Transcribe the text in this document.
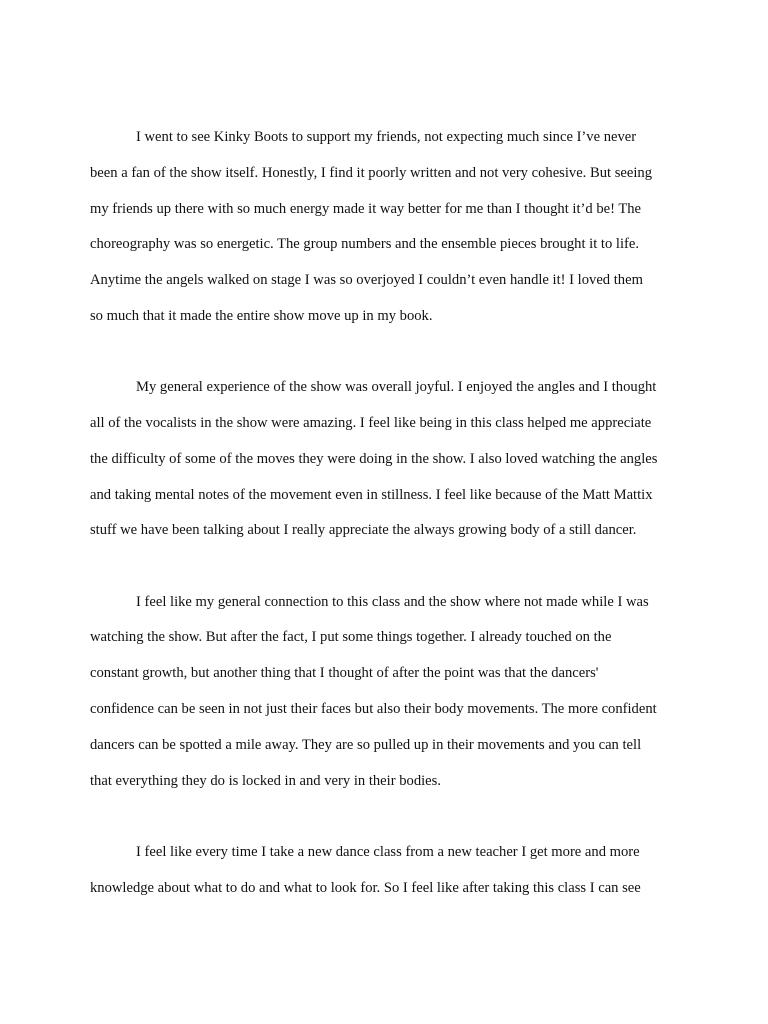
I went to see Kinky Boots to support my friends, not expecting much since I’ve never

been a fan of the show itself. Honestly, I find it poorly written and not very cohesive. But seeing

my friends up there with so much energy made it way better for me than I thought it’d be! The

choreography was so energetic. The group numbers and the ensemble pieces brought it to life.

Anytime the angels walked on stage I was so overjoyed I couldn’t even handle it! I loved them

so much that it made the entire show move up in my book.

My general experience of the show was overall joyful. I enjoyed the angles and I thought

all of the vocalists in the show were amazing. I feel like being in this class helped me appreciate

the difficulty of some of the moves they were doing in the show. I also loved watching the angles

and taking mental notes of the movement even in stillness. I feel like because of the Matt Mattix

stuff we have been talking about I really appreciate the always growing body of a still dancer.

I feel like my general connection to this class and the show where not made while I was

watching the show. But after the fact, I put some things together. I already touched on the

constant growth, but another thing that I thought of after the point was that the dancers'

confidence can be seen in not just their faces but also their body movements. The more confident

dancers can be spotted a mile away. They are so pulled up in their movements and you can tell

that everything they do is locked in and very in their bodies.

I feel like every time I take a new dance class from a new teacher I get more and more

knowledge about what to do and what to look for. So I feel like after taking this class I can see
